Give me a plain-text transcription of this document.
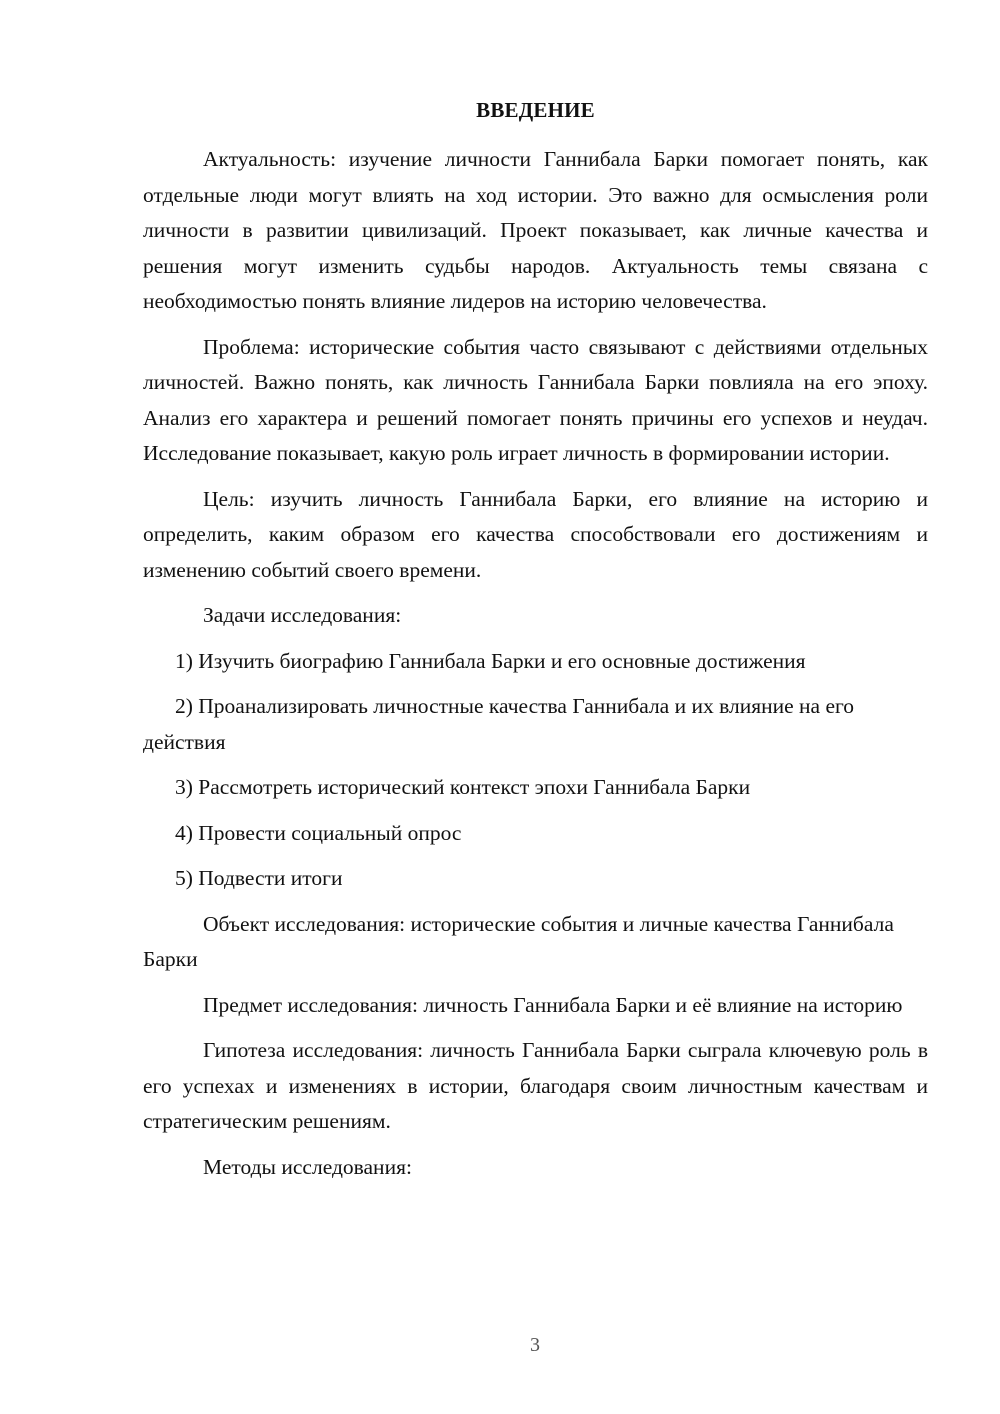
ВВЕДЕНИЕ

Актуальность: изучение личности Ганнибала Барки помогает понять, как отдельные люди могут влиять на ход истории. Это важно для осмысления роли личности в развитии цивилизаций. Проект показывает, как личные качества и решения могут изменить судьбы народов. Актуальность темы связана с необходимостью понять влияние лидеров на историю человечества.

Проблема: исторические события часто связывают с действиями отдельных личностей. Важно понять, как личность Ганнибала Барки повлияла на его эпоху. Анализ его характера и решений помогает понять причины его успехов и неудач. Исследование показывает, какую роль играет личность в формировании истории.

Цель: изучить личность Ганнибала Барки, его влияние на историю и определить, каким образом его качества способствовали его достижениям и изменению событий своего времени.

Задачи исследования:

1) Изучить биографию Ганнибала Барки и его основные достижения

2) Проанализировать личностные качества Ганнибала и их влияние на его действия

3) Рассмотреть исторический контекст эпохи Ганнибала Барки

4) Провести социальный опрос

5) Подвести итоги

Объект исследования: исторические события и личные качества Ганнибала Барки

Предмет исследования: личность Ганнибала Барки и её влияние на историю

Гипотеза исследования: личность Ганнибала Барки сыграла ключевую роль в его успехах и изменениях в истории, благодаря своим личностным качествам и стратегическим решениям.

Методы исследования:

3
